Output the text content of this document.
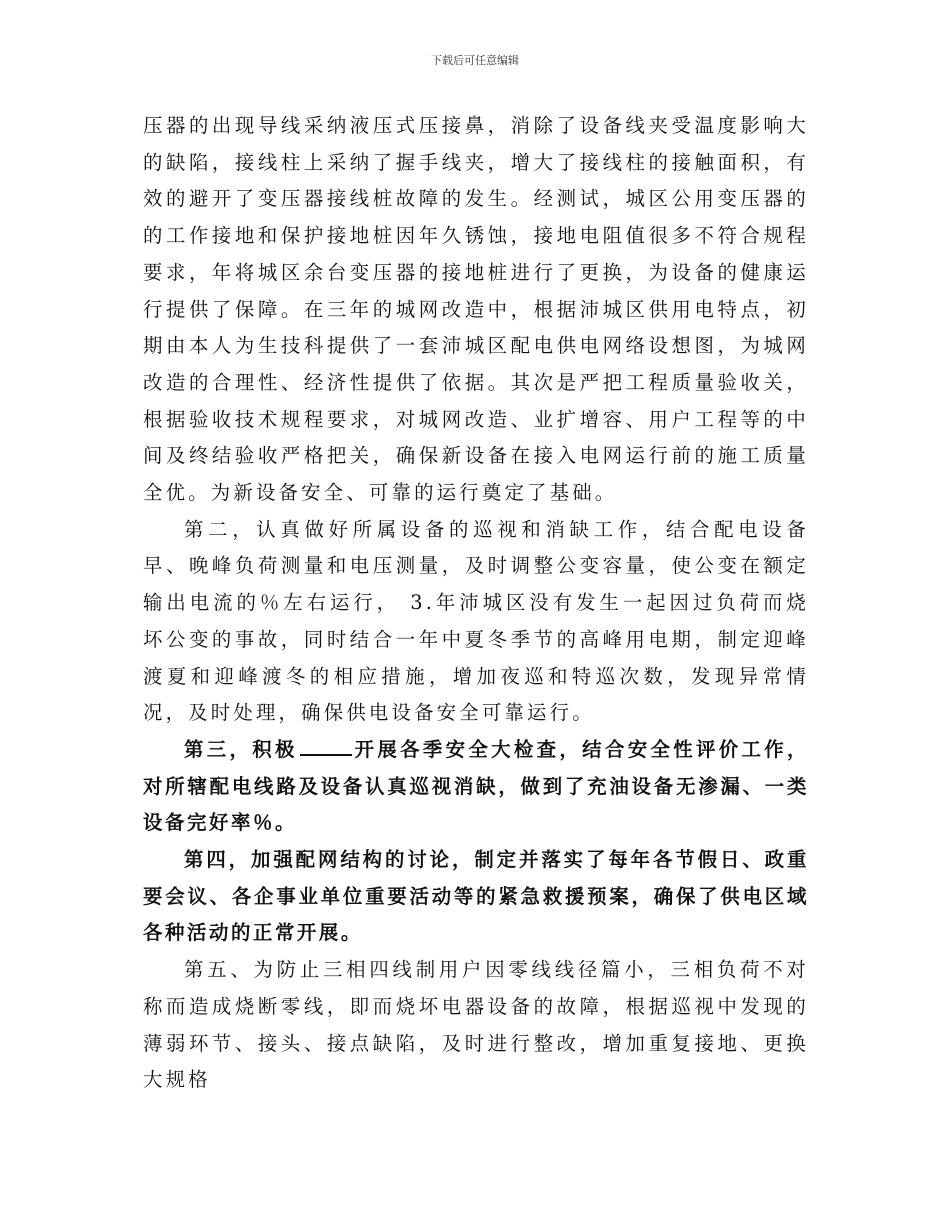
下载后可任意编辑

压器的出现导线采纳液压式压接鼻，消除了设备线夹受温度影响大的缺陷，接线柱上采纳了握手线夹，增大了接线柱的接触面积，有效的避开了变压器接线桩故障的发生。经测试，城区公用变压器的的工作接地和保护接地桩因年久锈蚀，接地电阻值很多不符合规程要求，年将城区余台变压器的接地桩进行了更换，为设备的健康运行提供了保障。在三年的城网改造中，根据沛城区供用电特点，初期由本人为生技科提供了一套沛城区配电供电网络设想图，为城网改造的合理性、经济性提供了依据。其次是严把工程质量验收关，根据验收技术规程要求，对城网改造、业扩增容、用户工程等的中间及终结验收严格把关，确保新设备在接入电网运行前的施工质量全优。为新设备安全、可靠的运行奠定了基础。

第二，认真做好所属设备的巡视和消缺工作，结合配电设备早、晚峰负荷测量和电压测量，及时调整公变容量，使公变在额定输出电流的％左右运行， 3.年沛城区没有发生一起因过负荷而烧坏公变的事故，同时结合一年中夏冬季节的高峰用电期，制定迎峰渡夏和迎峰渡冬的相应措施，增加夜巡和特巡次数，发现异常情况，及时处理，确保供电设备安全可靠运行。

第三，积极	开展各季安全大检查，结合安全性评价工作，对所辖配电线路及设备认真巡视消缺，做到了充油设备无渗漏、一类设备完好率％。

第四，加强配网结构的讨论，制定并落实了每年各节假日、政重要会议、各企事业单位重要活动等的紧急救援预案，确保了供电区域各种活动的正常开展。

第五、为防止三相四线制用户因零线线径篇小，三相负荷不对称而造成烧断零线，即而烧坏电器设备的故障，根据巡视中发现的薄弱环节、接头、接点缺陷，及时进行整改，增加重复接地、更换大规格
